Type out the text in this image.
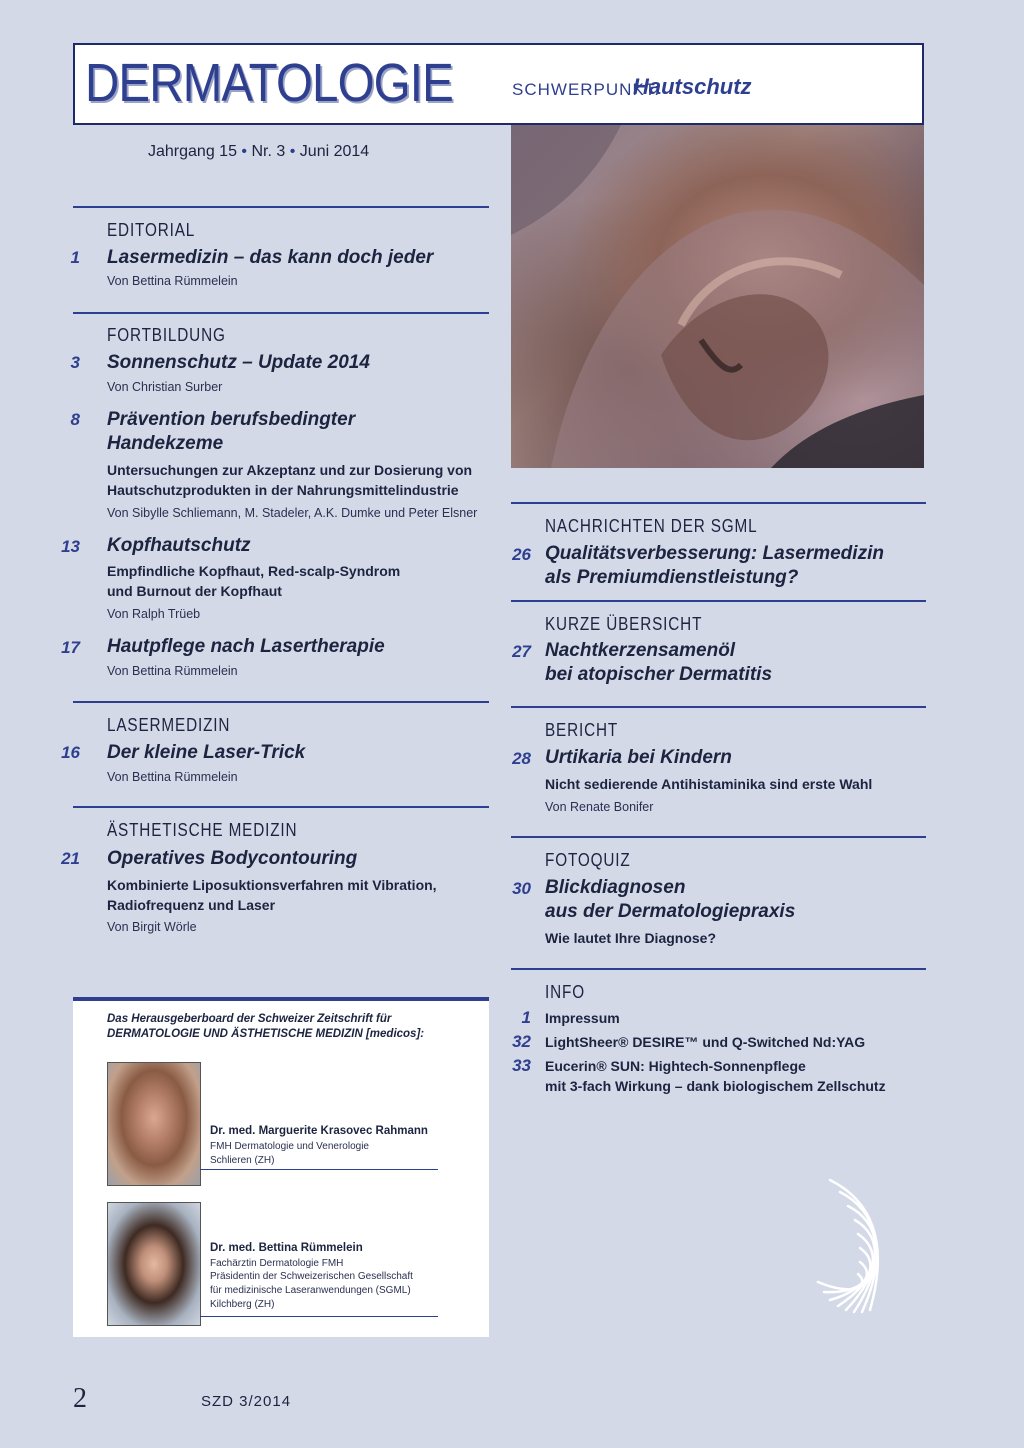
DERMATOLOGIE	SCHWERPUNKT:
Hautschutz
Jahrgang 15 • Nr. 3 • Juni 2014
EDITORIAL
1 Lasermedizin – das kann doch jeder
Von Bettina Rümmelein
FORTBILDUNG
3 Sonnenschutz – Update 2014
Von Christian Surber
8 Prävention berufsbedingter
Handekzeme
Untersuchungen zur Akzeptanz und zur Dosierung von
Hautschutzprodukten in der Nahrungsmittelindustrie
Von Sibylle Schliemann, M. Stadeler, A.K. Dumke und Peter Elsner
13 Kopfhautschutz
Empfindliche Kopfhaut, Red-scalp-Syndrom
und Burnout der Kopfhaut
Von Ralph Trüeb
17 Hautpflege nach Lasertherapie
Von Bettina Rümmelein
LASERMEDIZIN
16 Der kleine Laser-Trick
Von Bettina Rümmelein
ÄSTHETISCHE MEDIZIN
21 Operatives Bodycontouring
Kombinierte Liposuktionsverfahren mit Vibration,
Radiofrequenz und Laser
Von Birgit Wörle
NACHRICHTEN DER SGML
26 Qualitätsverbesserung: Lasermedizin
als Premiumdienstleistung?
KURZE ÜBERSICHT
27 Nachtkerzensamenöl
bei atopischer Dermatitis
BERICHT
28 Urtikaria bei Kindern
Nicht sedierende Antihistaminika sind erste Wahl
Von Renate Bonifer
FOTOQUIZ
30 Blickdiagnosen
aus der Dermatologiepraxis
Wie lautet Ihre Diagnose?
INFO
1 Impressum
32 LightSheer® DESIRE™ und Q-Switched Nd:YAG
33 Eucerin® SUN: Hightech-Sonnenpflege
mit 3-fach Wirkung – dank biologischem Zellschutz
Das Herausgeberboard der Schweizer Zeitschrift für
DERMATOLOGIE UND ÄSTHETISCHE MEDIZIN [medicos]:
Dr. med. Marguerite Krasovec Rahmann
FMH Dermatologie und Venerologie
Schlieren (ZH)
Dr. med. Bettina Rümmelein
Fachärztin Dermatologie FMH
Präsidentin der Schweizerischen Gesellschaft
für medizinische Laseranwendungen (SGML)
Kilchberg (ZH)
2	SZD 3/2014
